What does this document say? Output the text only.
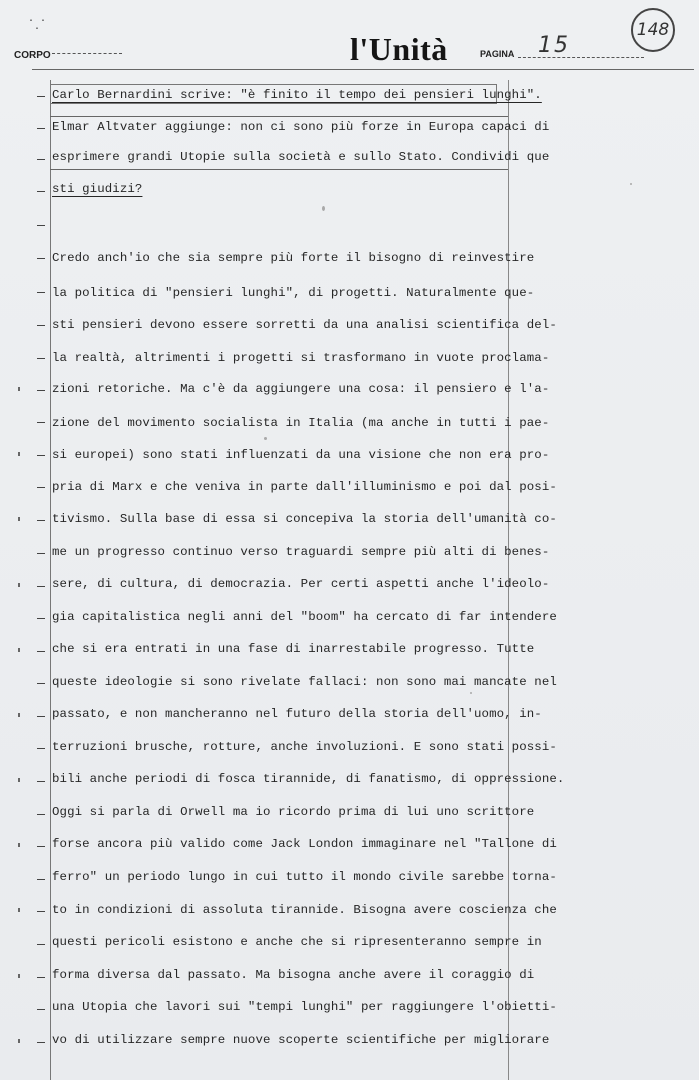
· ·
·
CORPO	l'Unità	PAGINA 15
148
Carlo Bernardini scrive: "è finito il tempo dei pensieri lunghi".
Elmar Altvater aggiunge: non ci sono più forze in Europa capaci di
esprimere grandi Utopie sulla società e sullo Stato. Condividi que
sti giudizi?
Credo anch'io che sia sempre più forte il bisogno di reinvestire
la politica di "pensieri lunghi", di progetti. Naturalmente que-
sti pensieri devono essere sorretti da una analisi scientifica del-
la realtà, altrimenti i progetti si trasformano in vuote proclama-
zioni retoriche. Ma c'è da aggiungere una cosa: il pensiero e l'a-
zione del movimento socialista in Italia (ma anche in tutti i pae-
si europei) sono stati influenzati da una visione che non era pro-
pria di Marx e che veniva in parte dall'illuminismo e poi dal posi-
tivismo. Sulla base di essa si concepiva la storia dell'umanità co-
me un progresso continuo verso traguardi sempre più alti di benes-
sere, di cultura, di democrazia. Per certi aspetti anche l'ideolo-
gia capitalistica negli anni del "boom" ha cercato di far intendere
che si era entrati in una fase di inarrestabile progresso. Tutte
queste ideologie si sono rivelate fallaci: non sono mai mancate nel
passato, e non mancheranno nel futuro della storia dell'uomo, in-
terruzioni brusche, rotture, anche involuzioni. E sono stati possi-
bili anche periodi di fosca tirannide, di fanatismo, di oppressione.
Oggi si parla di Orwell ma io ricordo prima di lui uno scrittore
forse ancora più valido come Jack London immaginare nel "Tallone di
ferro" un periodo lungo in cui tutto il mondo civile sarebbe torna-
to in condizioni di assoluta tirannide. Bisogna avere coscienza che
questi pericoli esistono e anche che si ripresenteranno sempre in
forma diversa dal passato. Ma bisogna anche avere il coraggio di
una Utopia che lavori sui "tempi lunghi" per raggiungere l'obietti-
vo di utilizzare sempre nuove scoperte scientifiche per migliorare
